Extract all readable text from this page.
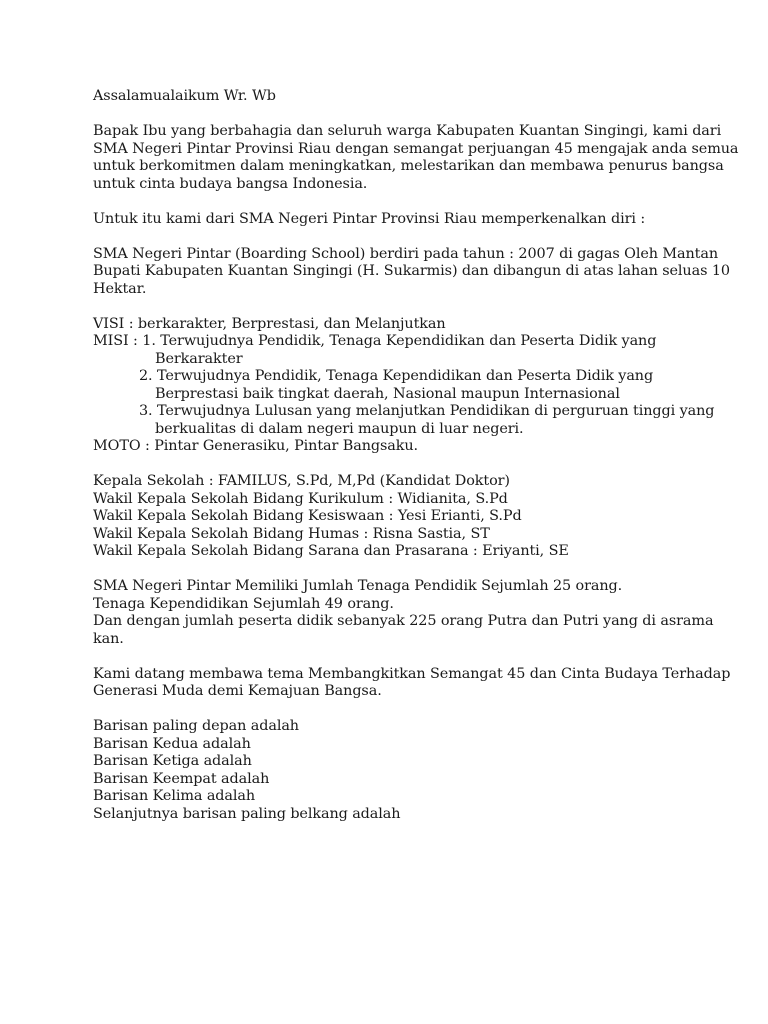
Assalamualaikum Wr. Wb

Bapak Ibu yang berbahagia dan seluruh warga Kabupaten Kuantan Singingi, kami dari

SMA Negeri Pintar Provinsi Riau dengan semangat perjuangan 45 mengajak anda semua

untuk berkomitmen dalam meningkatkan, melestarikan dan membawa penurus bangsa

untuk cinta budaya bangsa Indonesia.

Untuk itu kami dari SMA Negeri Pintar Provinsi Riau memperkenalkan diri :

SMA Negeri Pintar (Boarding School) berdiri pada tahun : 2007 di gagas Oleh Mantan

Bupati Kabupaten Kuantan Singingi (H. Sukarmis) dan dibangun di atas lahan seluas 10

Hektar.

VISI : berkarakter, Berprestasi, dan Melanjutkan

MISI : 1. Terwujudnya Pendidik, Tenaga Kependidikan dan Peserta Didik yang

Berkarakter

2. Terwujudnya Pendidik, Tenaga Kependidikan dan Peserta Didik yang

Berprestasi baik tingkat daerah, Nasional maupun Internasional

3. Terwujudnya Lulusan yang melanjutkan Pendidikan di perguruan tinggi yang

berkualitas di dalam negeri maupun di luar negeri.

MOTO : Pintar Generasiku, Pintar Bangsaku.

Kepala Sekolah : FAMILUS, S.Pd, M,Pd (Kandidat Doktor)

Wakil Kepala Sekolah Bidang Kurikulum : Widianita, S.Pd

Wakil Kepala Sekolah Bidang Kesiswaan : Yesi Erianti, S.Pd

Wakil Kepala Sekolah Bidang Humas : Risna Sastia, ST

Wakil Kepala Sekolah Bidang Sarana dan Prasarana : Eriyanti, SE

SMA Negeri Pintar Memiliki Jumlah Tenaga Pendidik Sejumlah 25 orang.

Tenaga Kependidikan Sejumlah 49 orang.

Dan dengan jumlah peserta didik sebanyak 225 orang Putra dan Putri yang di asrama

kan.

Kami datang membawa tema Membangkitkan Semangat 45 dan Cinta Budaya Terhadap

Generasi Muda demi Kemajuan Bangsa.

Barisan paling depan adalah

Barisan Kedua adalah

Barisan Ketiga adalah

Barisan Keempat adalah

Barisan Kelima adalah

Selanjutnya barisan paling belkang adalah
